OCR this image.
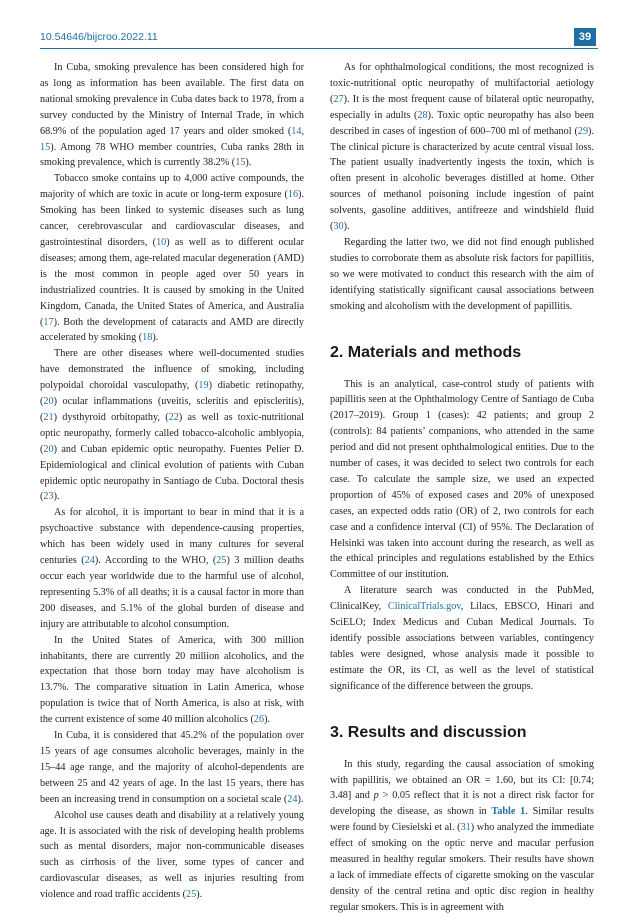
10.54646/bijcroo.2022.11	39

In Cuba, smoking prevalence has been considered high for as long as information has been available. The first data on national smoking prevalence in Cuba dates back to 1978, from a survey conducted by the Ministry of Internal Trade, in which 68.9% of the population aged 17 years and older smoked (14, 15). Among 78 WHO member countries, Cuba ranks 28th in smoking prevalence, which is currently 38.2% (15).

Tobacco smoke contains up to 4,000 active compounds, the majority of which are toxic in acute or long-term exposure (16). Smoking has been linked to systemic diseases such as lung cancer, cerebrovascular and cardiovascular diseases, and gastrointestinal disorders, (10) as well as to different ocular diseases; among them, age-related macular degeneration (AMD) is the most common in people aged over 50 years in industrialized countries. It is caused by smoking in the United Kingdom, Canada, the United States of America, and Australia (17). Both the development of cataracts and AMD are directly accelerated by smoking (18).

There are other diseases where well-documented studies have demonstrated the influence of smoking, including polypoidal choroidal vasculopathy, (19) diabetic retinopathy, (20) ocular inflammations (uveitis, scleritis and episcleritis), (21) dysthyroid orbitopathy, (22) as well as toxic-nutritional optic neuropathy, formerly called tobacco-alcoholic amblyopia, (20) and Cuban epidemic optic neuropathy. Fuentes Pelier D. Epidemiological and clinical evolution of patients with Cuban epidemic optic neuropathy in Santiago de Cuba. Doctoral thesis (23).

As for alcohol, it is important to bear in mind that it is a psychoactive substance with dependence-causing properties, which has been widely used in many cultures for several centuries (24). According to the WHO, (25) 3 million deaths occur each year worldwide due to the harmful use of alcohol, representing 5.3% of all deaths; it is a causal factor in more than 200 diseases, and 5.1% of the global burden of disease and injury are attributable to alcohol consumption.

In the United States of America, with 300 million inhabitants, there are currently 20 million alcoholics, and the expectation that those born today may have alcoholism is 13.7%. The comparative situation in Latin America, whose population is twice that of North America, is also at risk, with the current existence of some 40 million alcoholics (26).

In Cuba, it is considered that 45.2% of the population over 15 years of age consumes alcoholic beverages, mainly in the 15–44 age range, and the majority of alcohol-dependents are between 25 and 42 years of age. In the last 15 years, there has been an increasing trend in consumption on a societal scale (24).

Alcohol use causes death and disability at a relatively young age. It is associated with the risk of developing health problems such as mental disorders, major non-communicable diseases such as cirrhosis of the liver, some types of cancer and cardiovascular diseases, as well as injuries resulting from violence and road traffic accidents (25).

As for ophthalmological conditions, the most recognized is toxic-nutritional optic neuropathy of multifactorial aetiology (27). It is the most frequent cause of bilateral optic neuropathy, especially in adults (28). Toxic optic neuropathy has also been described in cases of ingestion of 600–700 ml of methanol (29). The clinical picture is characterized by acute central visual loss. The patient usually inadvertently ingests the toxin, which is often present in alcoholic beverages distilled at home. Other sources of methanol poisoning include ingestion of paint solvents, gasoline additives, antifreeze and windshield fluid (30).

Regarding the latter two, we did not find enough published studies to corroborate them as absolute risk factors for papillitis, so we were motivated to conduct this research with the aim of identifying statistically significant causal associations between smoking and alcoholism with the development of papillitis.

2. Materials and methods

This is an analytical, case-control study of patients with papillitis seen at the Ophthalmology Centre of Santiago de Cuba (2017–2019). Group 1 (cases): 42 patients; and group 2 (controls): 84 patients’ companions, who attended in the same period and did not present ophthalmological entities. Due to the number of cases, it was decided to select two controls for each case. To calculate the sample size, we used an expected proportion of 45% of exposed cases and 20% of unexposed cases, an expected odds ratio (OR) of 2, two controls for each case and a confidence interval (CI) of 95%. The Declaration of Helsinki was taken into account during the research, as well as the ethical principles and regulations established by the Ethics Committee of our institution.

A literature search was conducted in the PubMed, ClinicalKey, ClinicalTrials.gov, Lilacs, EBSCO, Hinari and SciELO; Index Medicus and Cuban Medical Journals. To identify possible associations between variables, contingency tables were designed, whose analysis made it possible to estimate the OR, its CI, as well as the level of statistical significance of the difference between the groups.

3. Results and discussion

In this study, regarding the causal association of smoking with papillitis, we obtained an OR = 1.60, but its CI: [0.74; 3.48] and p > 0.05 reflect that it is not a direct risk factor for developing the disease, as shown in Table 1. Similar results were found by Ciesielski et al. (31) who analyzed the immediate effect of smoking on the optic nerve and macular perfusion measured in healthy regular smokers. Their results have shown a lack of immediate effects of cigarette smoking on the vascular density of the central retina and optic disc region in healthy regular smokers. This is in agreement with
